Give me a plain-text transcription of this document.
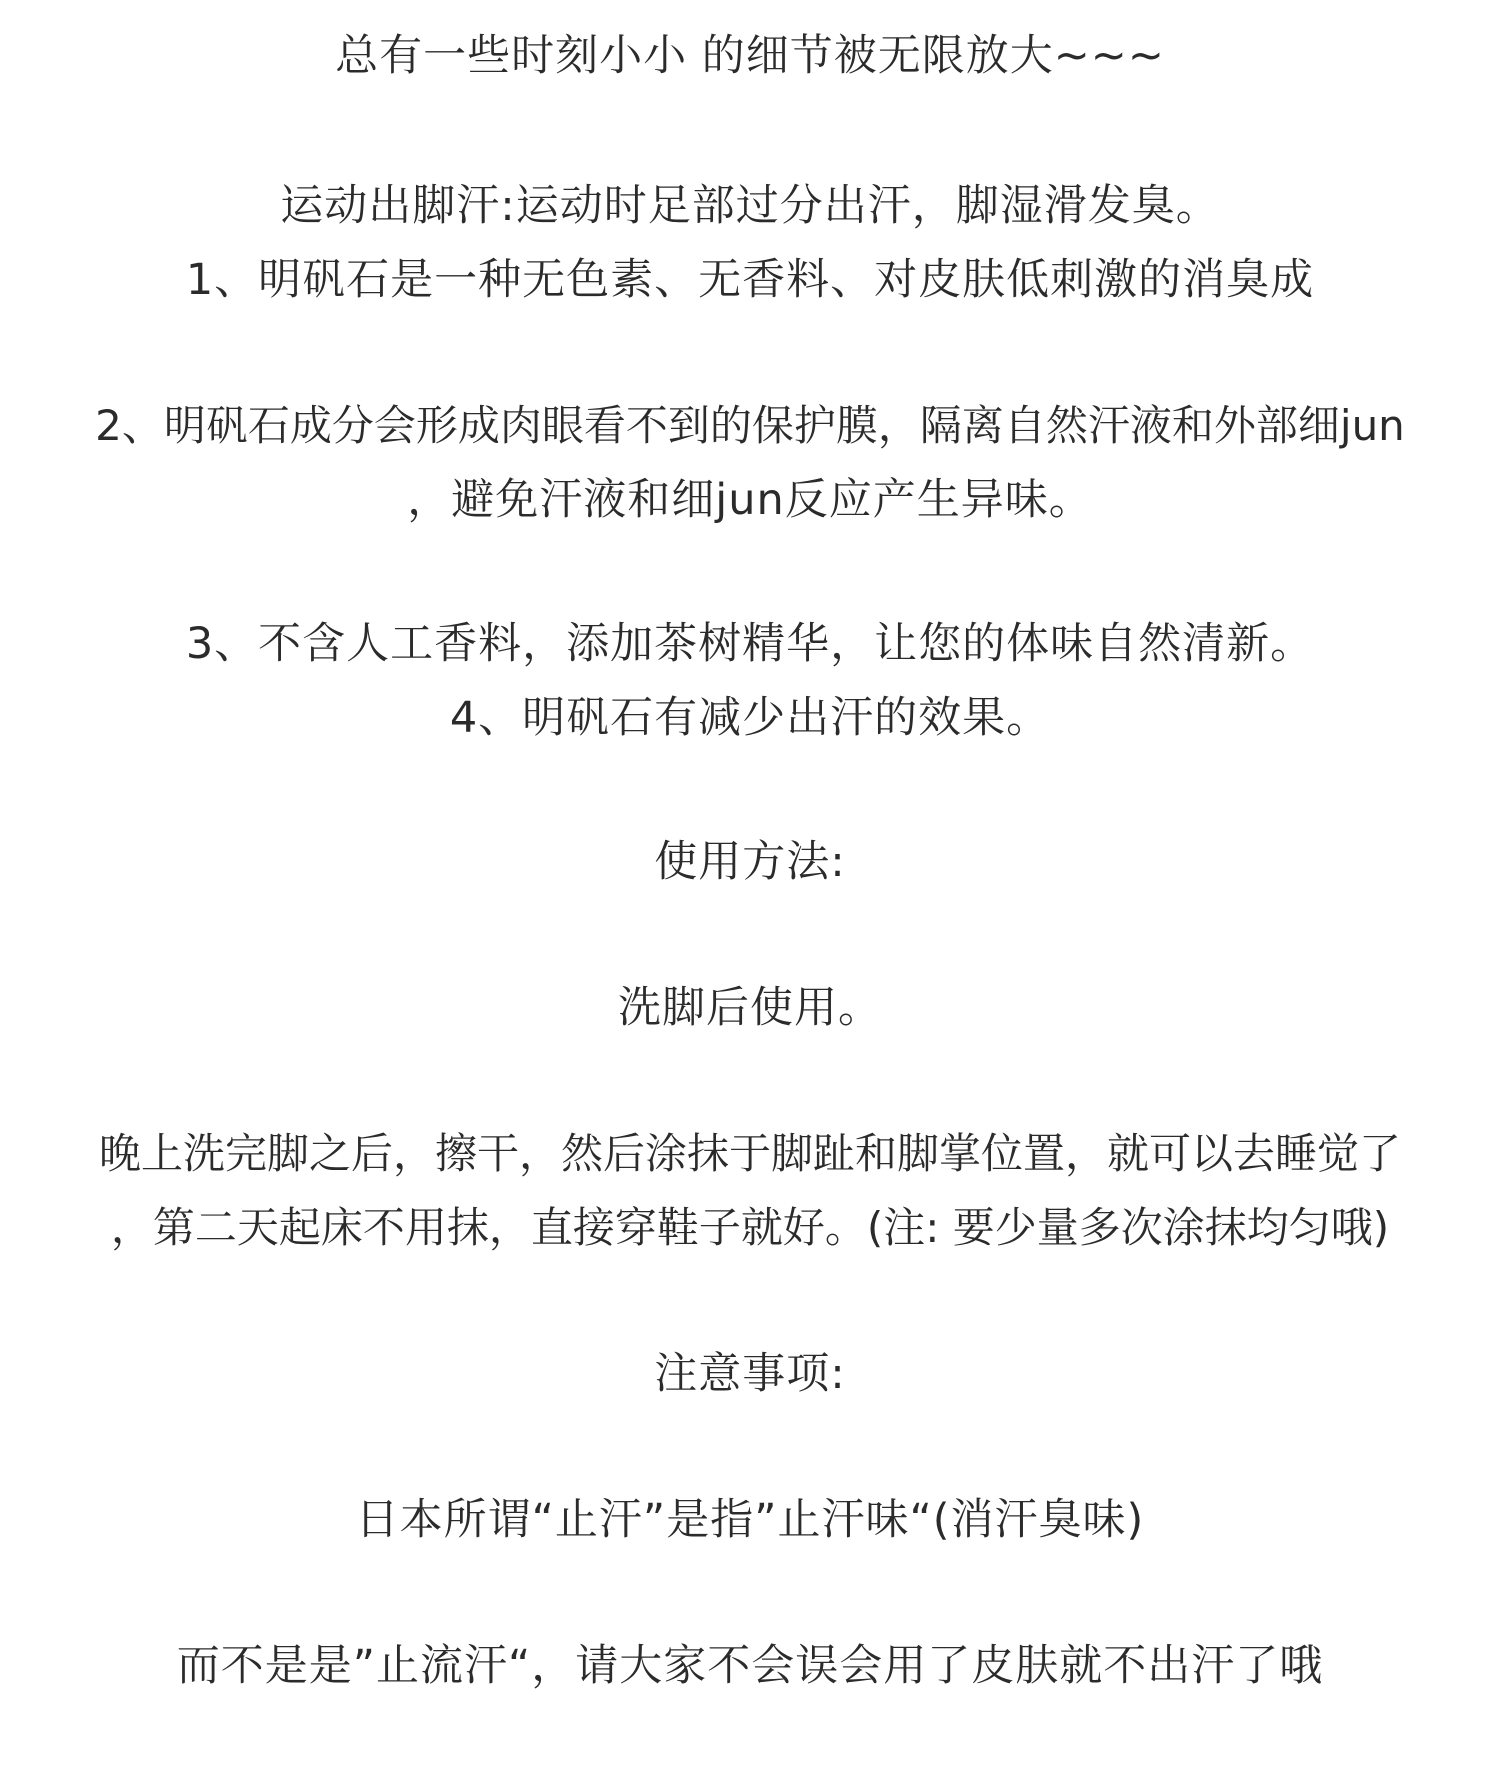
总有一些时刻小小 的细节被无限放大~~~
运动出脚汗:运动时足部过分出汗，脚湿滑发臭。
1、明矾石是一种无色素、无香料、对皮肤低刺激的消臭成
2、明矾石成分会形成肉眼看不到的保护膜，隔离自然汗液和外部细jun
，避免汗液和细jun反应产生异味。
3、不含人工香料，添加茶树精华，让您的体味自然清新。
4、明矾石有减少出汗的效果。
使用方法:
洗脚后使用。
晚上洗完脚之后，擦干，然后涂抹于脚趾和脚掌位置，就可以去睡觉了
，第二天起床不用抹，直接穿鞋子就好。(注: 要少量多次涂抹均匀哦)
注意事项:
日本所谓“止汗”是指”止汗味“(消汗臭味)
而不是是”止流汗“，请大家不会误会用了皮肤就不出汗了哦
